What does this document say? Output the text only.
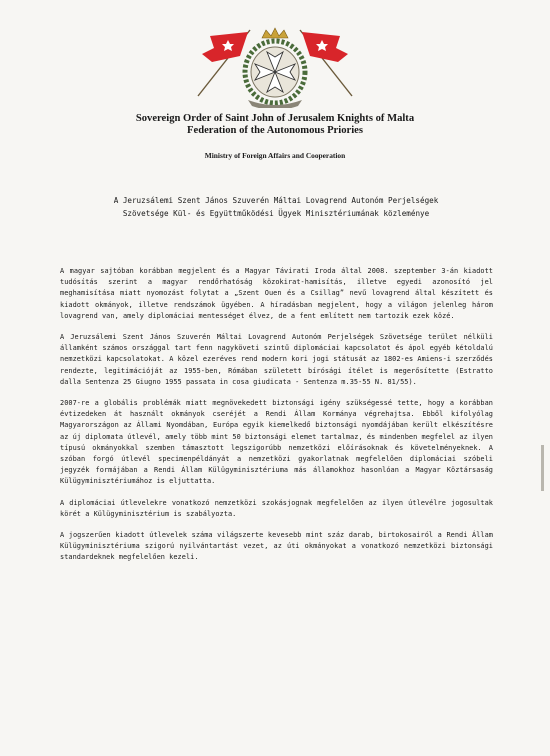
Sovereign Order of Saint John of Jerusalem Knights of Malta
Federation of the Autonomous Priories
Ministry of Foreign Affairs and Cooperation
A Jeruzsálemi Szent János Szuverén Máltai Lovagrend Autonóm Perjelségek
Szövetsége Kül- és Együttműködési Ügyek Minisztériumának közleménye

A magyar sajtóban korábban megjelent és a Magyar Távirati Iroda által 2008. szeptember 3-án kiadott tudósítás szerint a magyar rendőrhatóság közokirat-hamisítás, illetve egyedi azonosító jel meghamisítása miatt nyomozást folytat a „Szent Ouen és a Csillag” nevű lovagrend által készített és kiadott okmányok, illetve rendszámok ügyében. A híradásban megjelent, hogy a világon jelenleg három lovagrend van, amely diplomáciai mentességet élvez, de a fent említett nem tartozik ezek közé.

A Jeruzsálemi Szent János Szuverén Máltai Lovagrend Autonóm Perjelségek Szövetsége terület nélküli államként számos országgal tart fenn nagyköveti szintű diplomáciai kapcsolatot és ápol egyéb kétoldalú nemzetközi kapcsolatokat. A közel ezeréves rend modern kori jogi státusát az 1802-es Amiens-i szerződés rendezte, legitimációját az 1955-ben, Rómában született bírósági ítélet is megerősítette (Estratto dalla Sentenza 25 Giugno 1955 passata in cosa giudicata - Sentenza m.35-55 N. 81/55).

2007-re a globális problémák miatt megnövekedett biztonsági igény szükségessé tette, hogy a korábban évtizedeken át használt okmányok cseréjét a Rendi Állam Kormánya végrehajtsa. Ebből kifolyólag Magyarországon az Állami Nyomdában, Európa egyik kiemelkedő biztonsági nyomdájában került elkészítésre az új diplomata útlevél, amely több mint 50 biztonsági elemet tartalmaz, és mindenben megfelel az ilyen típusú okmányokkal szemben támasztott legszigorúbb nemzetközi előírásoknak és követelményeknek. A szóban forgó útlevél specimenpéldányát a nemzetközi gyakorlatnak megfelelően diplomáciai szóbeli jegyzék formájában a Rendi Állam Külügyminisztériuma más államokhoz hasonlóan a Magyar Köztársaság Külügyminisztériumához is eljuttatta.

A diplomáciai útlevelekre vonatkozó nemzetközi szokásjognak megfelelően az ilyen útlevélre jogosultak körét a Külügyminisztérium is szabályozta.

A jogszerűen kiadott útlevelek száma világszerte kevesebb mint száz darab, birtokosairól a Rendi Állam Külügyminisztériuma szigorú nyilvántartást vezet, az úti okmányokat a vonatkozó nemzetközi biztonsági standardeknek megfelelően kezeli.
